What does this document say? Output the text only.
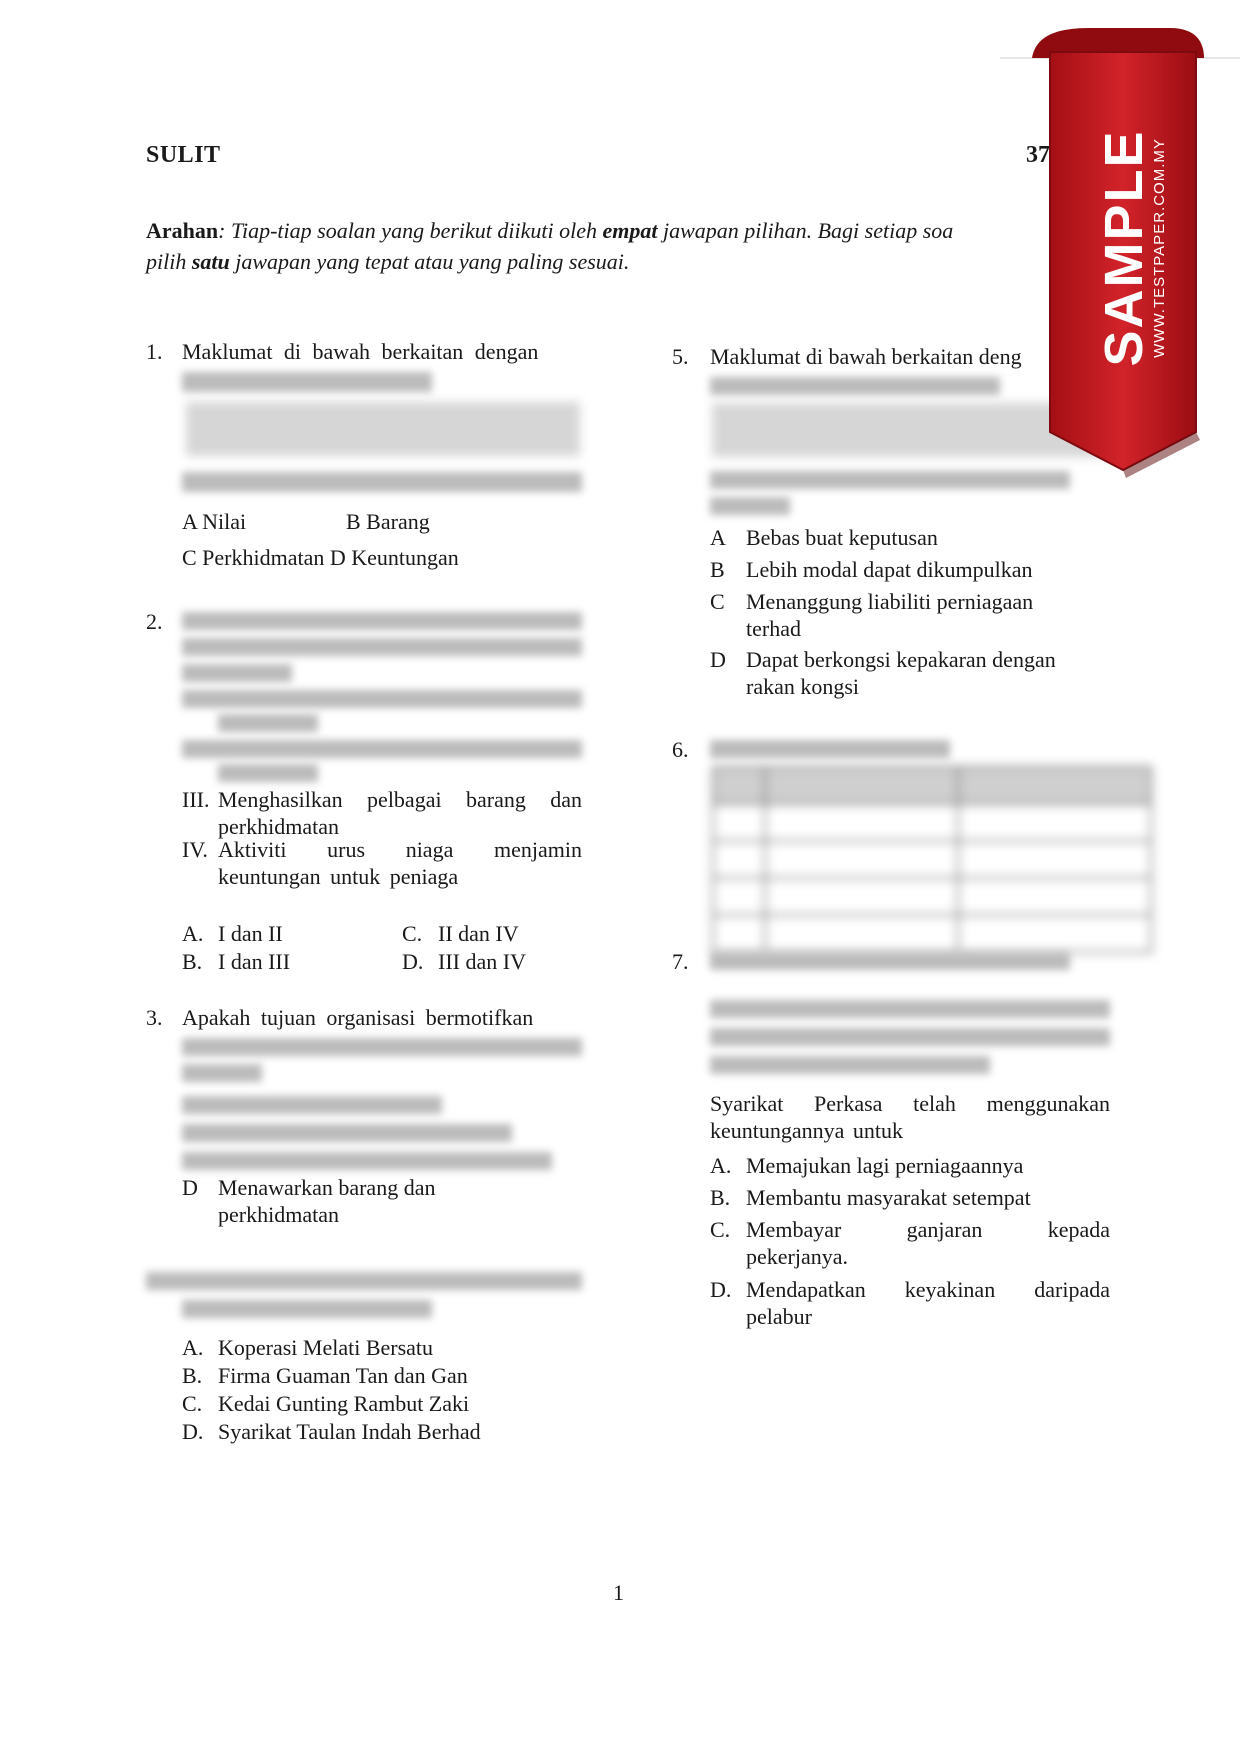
SULIT	37
Arahan: Tiap-tiap soalan yang berikut diikuti oleh empat jawapan pilihan. Bagi setiap soa
pilih satu jawapan yang tepat atau yang paling sesuai.
1. Maklumat di bawah berkaitan dengan
A Nilai	B Barang
C Perkhidmatan D Keuntungan
2.
III. Menghasilkan pelbagai barang dan perkhidmatan
IV. Aktiviti urus niaga menjamin keuntungan untuk peniaga
A. I dan II
B. I dan III
C. II dan IV
D. III dan IV
3. Apakah tujuan organisasi bermotifkan
D Menawarkan barang dan perkhidmatan
A. Koperasi Melati Bersatu
B. Firma Guaman Tan dan Gan
C. Kedai Gunting Rambut Zaki
D. Syarikat Taulan Indah Berhad
5. Maklumat di bawah berkaitan deng
A Bebas buat keputusan
B Lebih modal dapat dikumpulkan
C Menanggung liabiliti perniagaan terhad
D Dapat berkongsi kepakaran dengan rakan kongsi
6.

7.
Syarikat Perkasa telah menggunakan keuntungannya untuk
A. Memajukan lagi perniagaannya
B. Membantu masyarakat setempat
C. Membayar ganjaran kepada pekerjanya.
D. Mendapatkan keyakinan daripada pelabur
1
SAMPLE
WWW.TESTPAPER.COM.MY
